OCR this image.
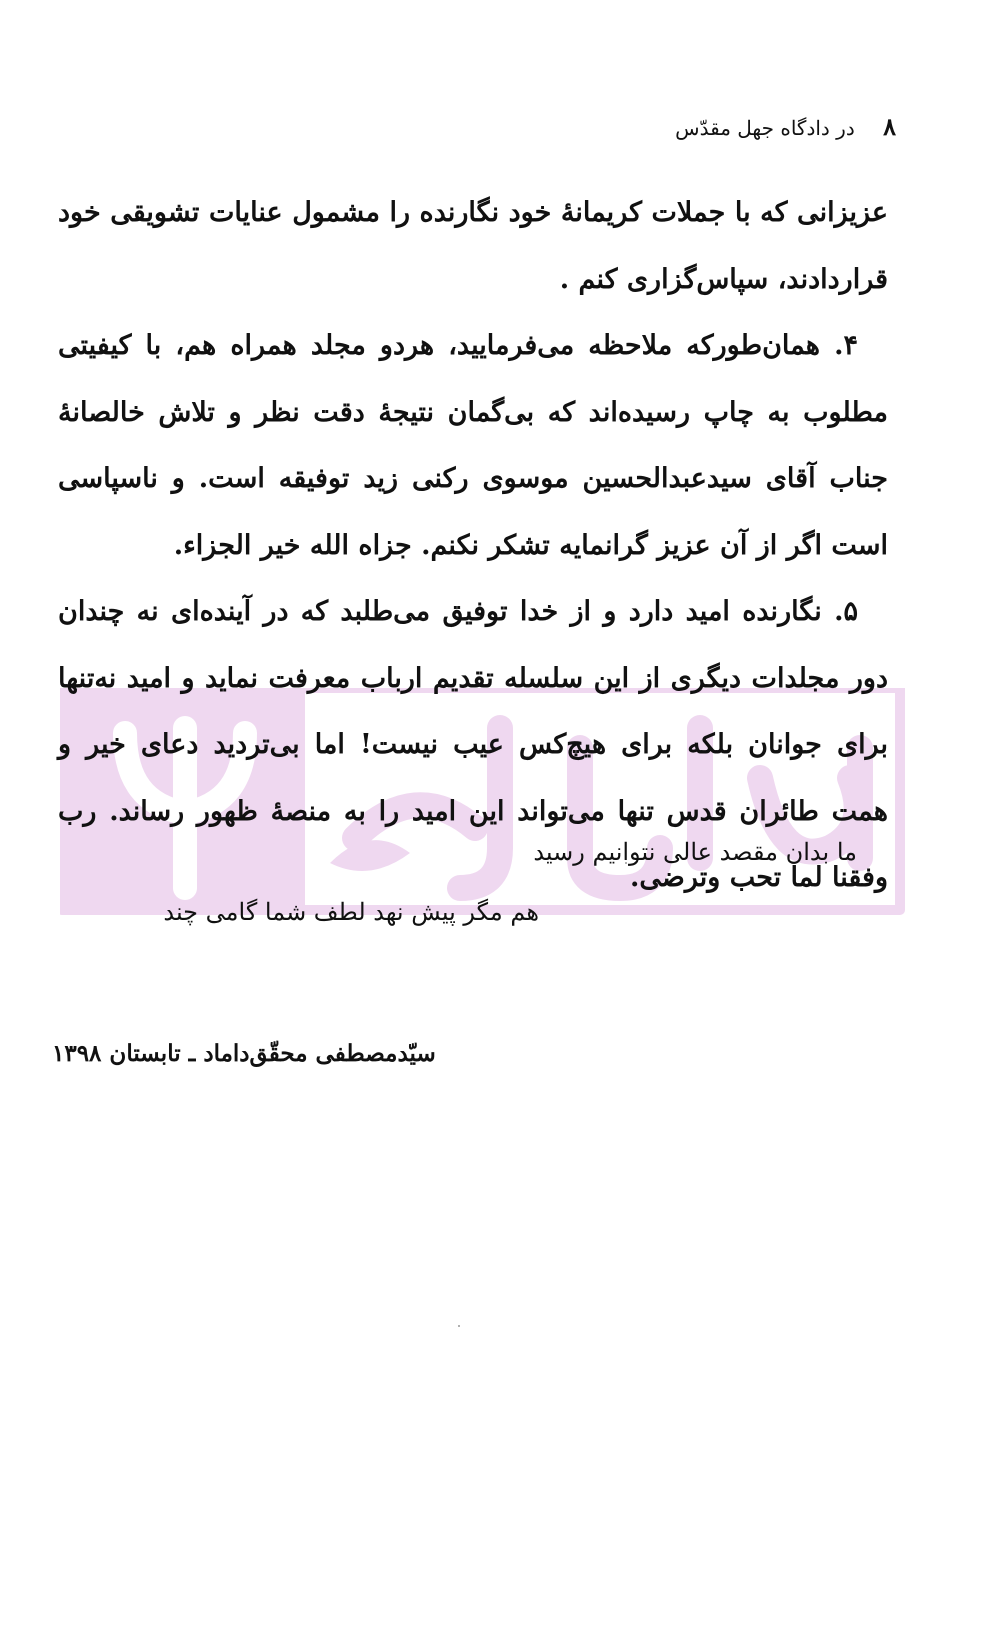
۸ در دادگاه جهل مقدّس

عزیزانی که با جملات کریمانهٔ خود نگارنده را مشمول عنایات تشویقی خود قراردادند، سپاس‌گزاری کنم .

۴. همان‌طورکه ملاحظه می‌فرمایید، هردو مجلد همراه هم، با کیفیتی مطلوب به چاپ رسیده‌اند که بی‌گمان نتیجهٔ دقت نظر و تلاش خالصانهٔ جناب آقای سیدعبدالحسین موسوی رکنی زید توفیقه است. و ناسپاسی است اگر از آن عزیز گرانمایه تشکر نکنم. جزاه الله خیر الجزاء.

۵. نگارنده امید دارد و از خدا توفیق می‌طلبد که در آینده‌ای نه چندان دور مجلدات دیگری از این سلسله تقدیم ارباب معرفت نماید و امید نه‌تنها برای جوانان بلکه برای هیچ‌کس عیب نیست! اما بی‌تردید دعای خیر و همت طائران قدس تنها می‌تواند این امید را به منصهٔ ظهور رساند. رب وفقنا لما تحب وترضی.

ما بدان مقصد عالی نتوانیم رسید
هم مگر پیش نهد لطف شما گامی چند
سیّدمصطفی محقّق‌داماد ـ تابستان ۱۳۹۸
